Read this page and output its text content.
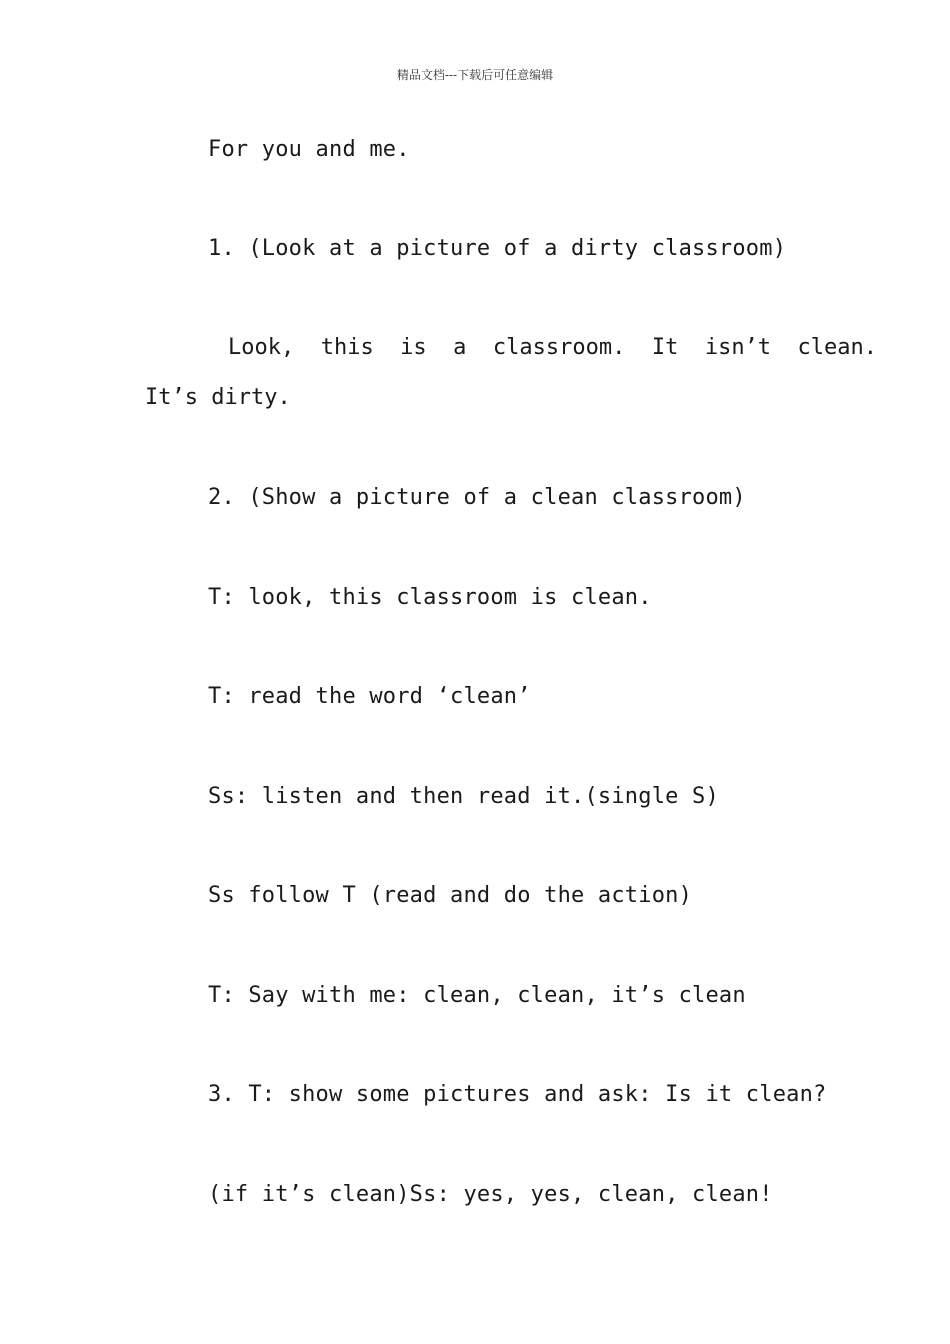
精品文档---下载后可任意编辑
For you and me.
1. (Look at a picture of a dirty classroom)
Look,  this  is  a  classroom.  It  isn’t  clean.
It’s dirty.
2. (Show a picture of a clean classroom)
T: look, this classroom is clean.
T: read the word ‘clean’
Ss: listen and then read it.(single S)
Ss follow T (read and do the action)
T: Say with me: clean, clean, it’s clean
3. T: show some pictures and ask: Is it clean?
(if it’s clean)Ss: yes, yes, clean, clean!
